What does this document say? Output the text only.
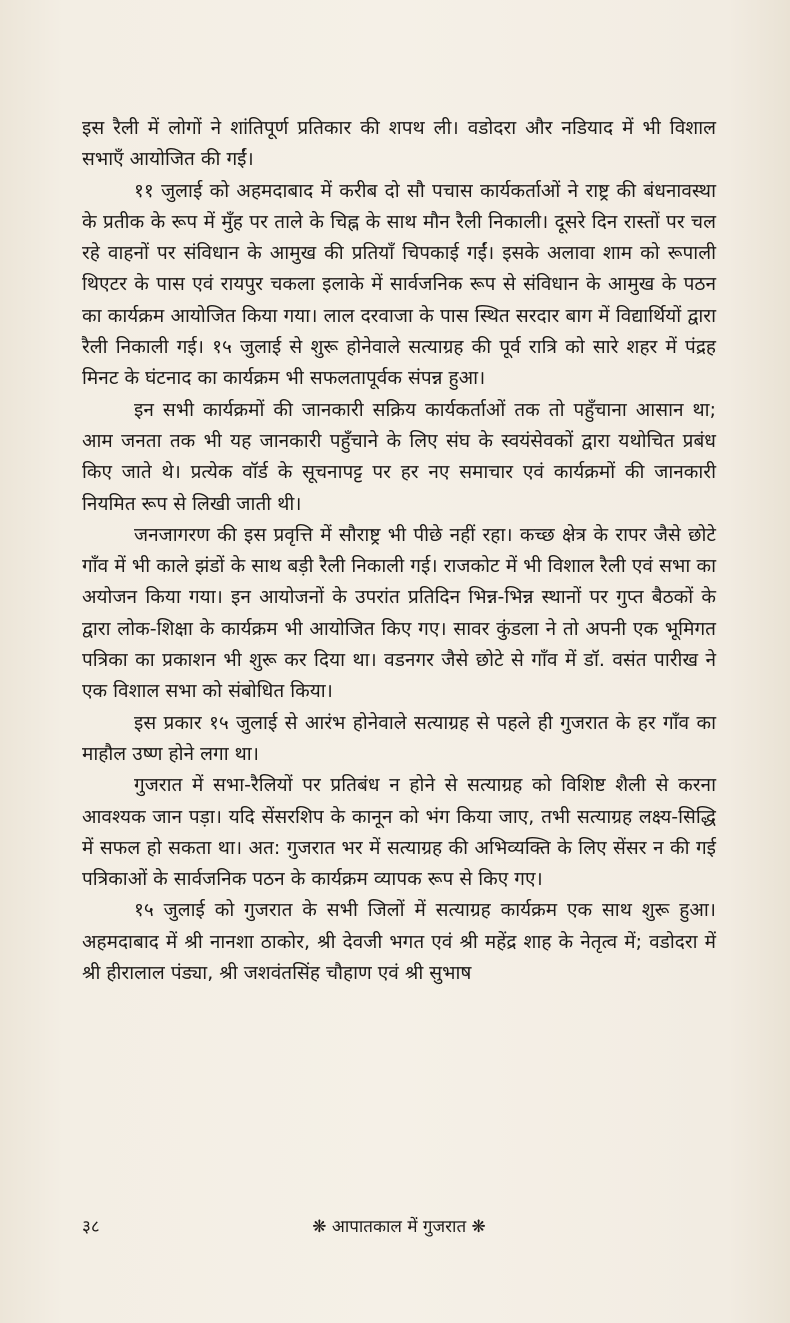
इस रैली में लोगों ने शांतिपूर्ण प्रतिकार की शपथ ली। वडोदरा और नडियाद में भी विशाल सभाएँ आयोजित की गईं।

११ जुलाई को अहमदाबाद में करीब दो सौ पचास कार्यकर्ताओं ने राष्ट्र की बंधनावस्था के प्रतीक के रूप में मुँह पर ताले के चिह्न के साथ मौन रैली निकाली। दूसरे दिन रास्तों पर चल रहे वाहनों पर संविधान के आमुख की प्रतियाँ चिपकाई गईं। इसके अलावा शाम को रूपाली थिएटर के पास एवं रायपुर चकला इलाके में सार्वजनिक रूप से संविधान के आमुख के पठन का कार्यक्रम आयोजित किया गया। लाल दरवाजा के पास स्थित सरदार बाग में विद्यार्थियों द्वारा रैली निकाली गई। १५ जुलाई से शुरू होनेवाले सत्याग्रह की पूर्व रात्रि को सारे शहर में पंद्रह मिनट के घंटनाद का कार्यक्रम भी सफलतापूर्वक संपन्न हुआ।

इन सभी कार्यक्रमों की जानकारी सक्रिय कार्यकर्ताओं तक तो पहुँचाना आसान था; आम जनता तक भी यह जानकारी पहुँचाने के लिए संघ के स्वयंसेवकों द्वारा यथोचित प्रबंध किए जाते थे। प्रत्येक वॉर्ड के सूचनापट्ट पर हर नए समाचार एवं कार्यक्रमों की जानकारी नियमित रूप से लिखी जाती थी।

जनजागरण की इस प्रवृत्ति में सौराष्ट्र भी पीछे नहीं रहा। कच्छ क्षेत्र के रापर जैसे छोटे गाँव में भी काले झंडों के साथ बड़ी रैली निकाली गई। राजकोट में भी विशाल रैली एवं सभा का अयोजन किया गया। इन आयोजनों के उपरांत प्रतिदिन भिन्न-भिन्न स्थानों पर गुप्त बैठकों के द्वारा लोक-शिक्षा के कार्यक्रम भी आयोजित किए गए। सावर कुंडला ने तो अपनी एक भूमिगत पत्रिका का प्रकाशन भी शुरू कर दिया था। वडनगर जैसे छोटे से गाँव में डॉ. वसंत पारीख ने एक विशाल सभा को संबोधित किया।

इस प्रकार १५ जुलाई से आरंभ होनेवाले सत्याग्रह से पहले ही गुजरात के हर गाँव का माहौल उष्ण होने लगा था।

गुजरात में सभा-रैलियों पर प्रतिबंध न होने से सत्याग्रह को विशिष्ट शैली से करना आवश्यक जान पड़ा। यदि सेंसरशिप के कानून को भंग किया जाए, तभी सत्याग्रह लक्ष्य-सिद्धि में सफल हो सकता था। अत: गुजरात भर में सत्याग्रह की अभिव्यक्ति के लिए सेंसर न की गई पत्रिकाओं के सार्वजनिक पठन के कार्यक्रम व्यापक रूप से किए गए।

१५ जुलाई को गुजरात के सभी जिलों में सत्याग्रह कार्यक्रम एक साथ शुरू हुआ। अहमदाबाद में श्री नानशा ठाकोर, श्री देवजी भगत एवं श्री महेंद्र शाह के नेतृत्व में; वडोदरा में श्री हीरालाल पंड्या, श्री जशवंतसिंह चौहाण एवं श्री सुभाष

३८	❋ आपातकाल में गुजरात ❋
